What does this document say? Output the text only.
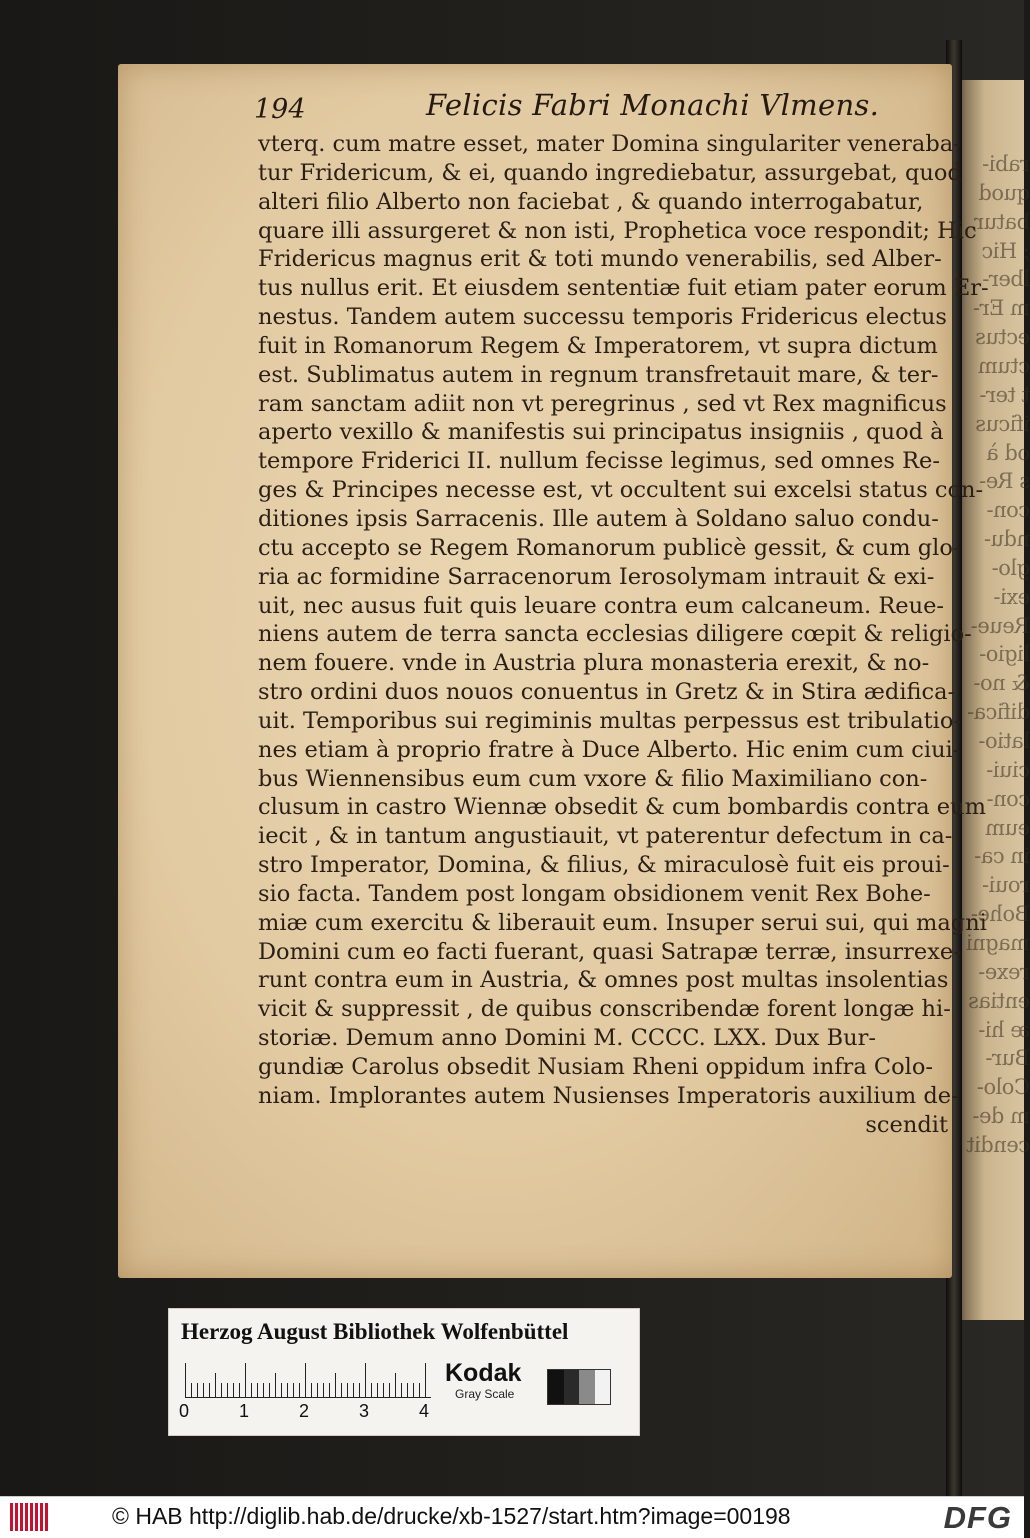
rabi-
quod
batur,
; Hic
lber-
m Er-
ectus
ctum
t ter-
ificus
od à
s Re-
con-
ndu-
glo-
exi-
Reue-
ligio-
& no-
difica-
latio-
ciui-
con-
eum
in ca-
roui-
Bohe-
magni
rexe-
entias
æ hi-
Bur-
Colo-
m de-
cendit
194	Felicis Fabri Monachi Vlmens.
vterq. cum matre esset, mater Domina singulariter veneraba-
tur Fridericum, & ei, quando ingrediebatur, assurgebat, quod
alteri filio Alberto non faciebat , & quando interrogabatur,
quare illi assurgeret & non isti, Prophetica voce respondit; Hic
Fridericus magnus erit & toti mundo venerabilis, sed Alber-
tus nullus erit. Et eiusdem sententiæ fuit etiam pater eorum Er-
nestus. Tandem autem successu temporis Fridericus electus
fuit in Romanorum Regem & Imperatorem, vt supra dictum
est. Sublimatus autem in regnum transfretauit mare, & ter-
ram sanctam adiit non vt peregrinus , sed vt Rex magnificus
aperto vexillo & manifestis sui principatus insigniis , quod à
tempore Friderici II. nullum fecisse legimus, sed omnes Re-
ges & Principes necesse est, vt occultent sui excelsi status con-
ditiones ipsis Sarracenis. Ille autem à Soldano saluo condu-
ctu accepto se Regem Romanorum publicè gessit, & cum glo-
ria ac formidine Sarracenorum Ierosolymam intrauit & exi-
uit, nec ausus fuit quis leuare contra eum calcaneum. Reue-
niens autem de terra sancta ecclesias diligere cœpit & religio-
nem fouere. vnde in Austria plura monasteria erexit, & no-
stro ordini duos nouos conuentus in Gretz & in Stira ædifica-
uit. Temporibus sui regiminis multas perpessus est tribulatio-
nes etiam à proprio fratre à Duce Alberto. Hic enim cum ciui-
bus Wiennensibus eum cum vxore & filio Maximiliano con-
clusum in castro Wiennæ obsedit & cum bombardis contra eum
iecit , & in tantum angustiauit, vt paterentur defectum in ca-
stro Imperator, Domina, & filius, & miraculosè fuit eis proui-
sio facta. Tandem post longam obsidionem venit Rex Bohe-
miæ cum exercitu & liberauit eum. Insuper serui sui, qui magni
Domini cum eo facti fuerant, quasi Satrapæ terræ, insurrexe-
runt contra eum in Austria, & omnes post multas insolentias
vicit & suppressit , de quibus conscribendæ forent longæ hi-
storiæ. Demum anno Domini M. CCCC. LXX. Dux Bur-
gundiæ Carolus obsedit Nusiam Rheni oppidum infra Colo-
niam. Implorantes autem Nusienses Imperatoris auxilium de-
scendit
Herzog August Bibliothek Wolfenbüttel
0	1	2	3	4
Kodak
Gray Scale
© HAB http://diglib.hab.de/drucke/xb-1527/start.htm?image=00198	DFG
